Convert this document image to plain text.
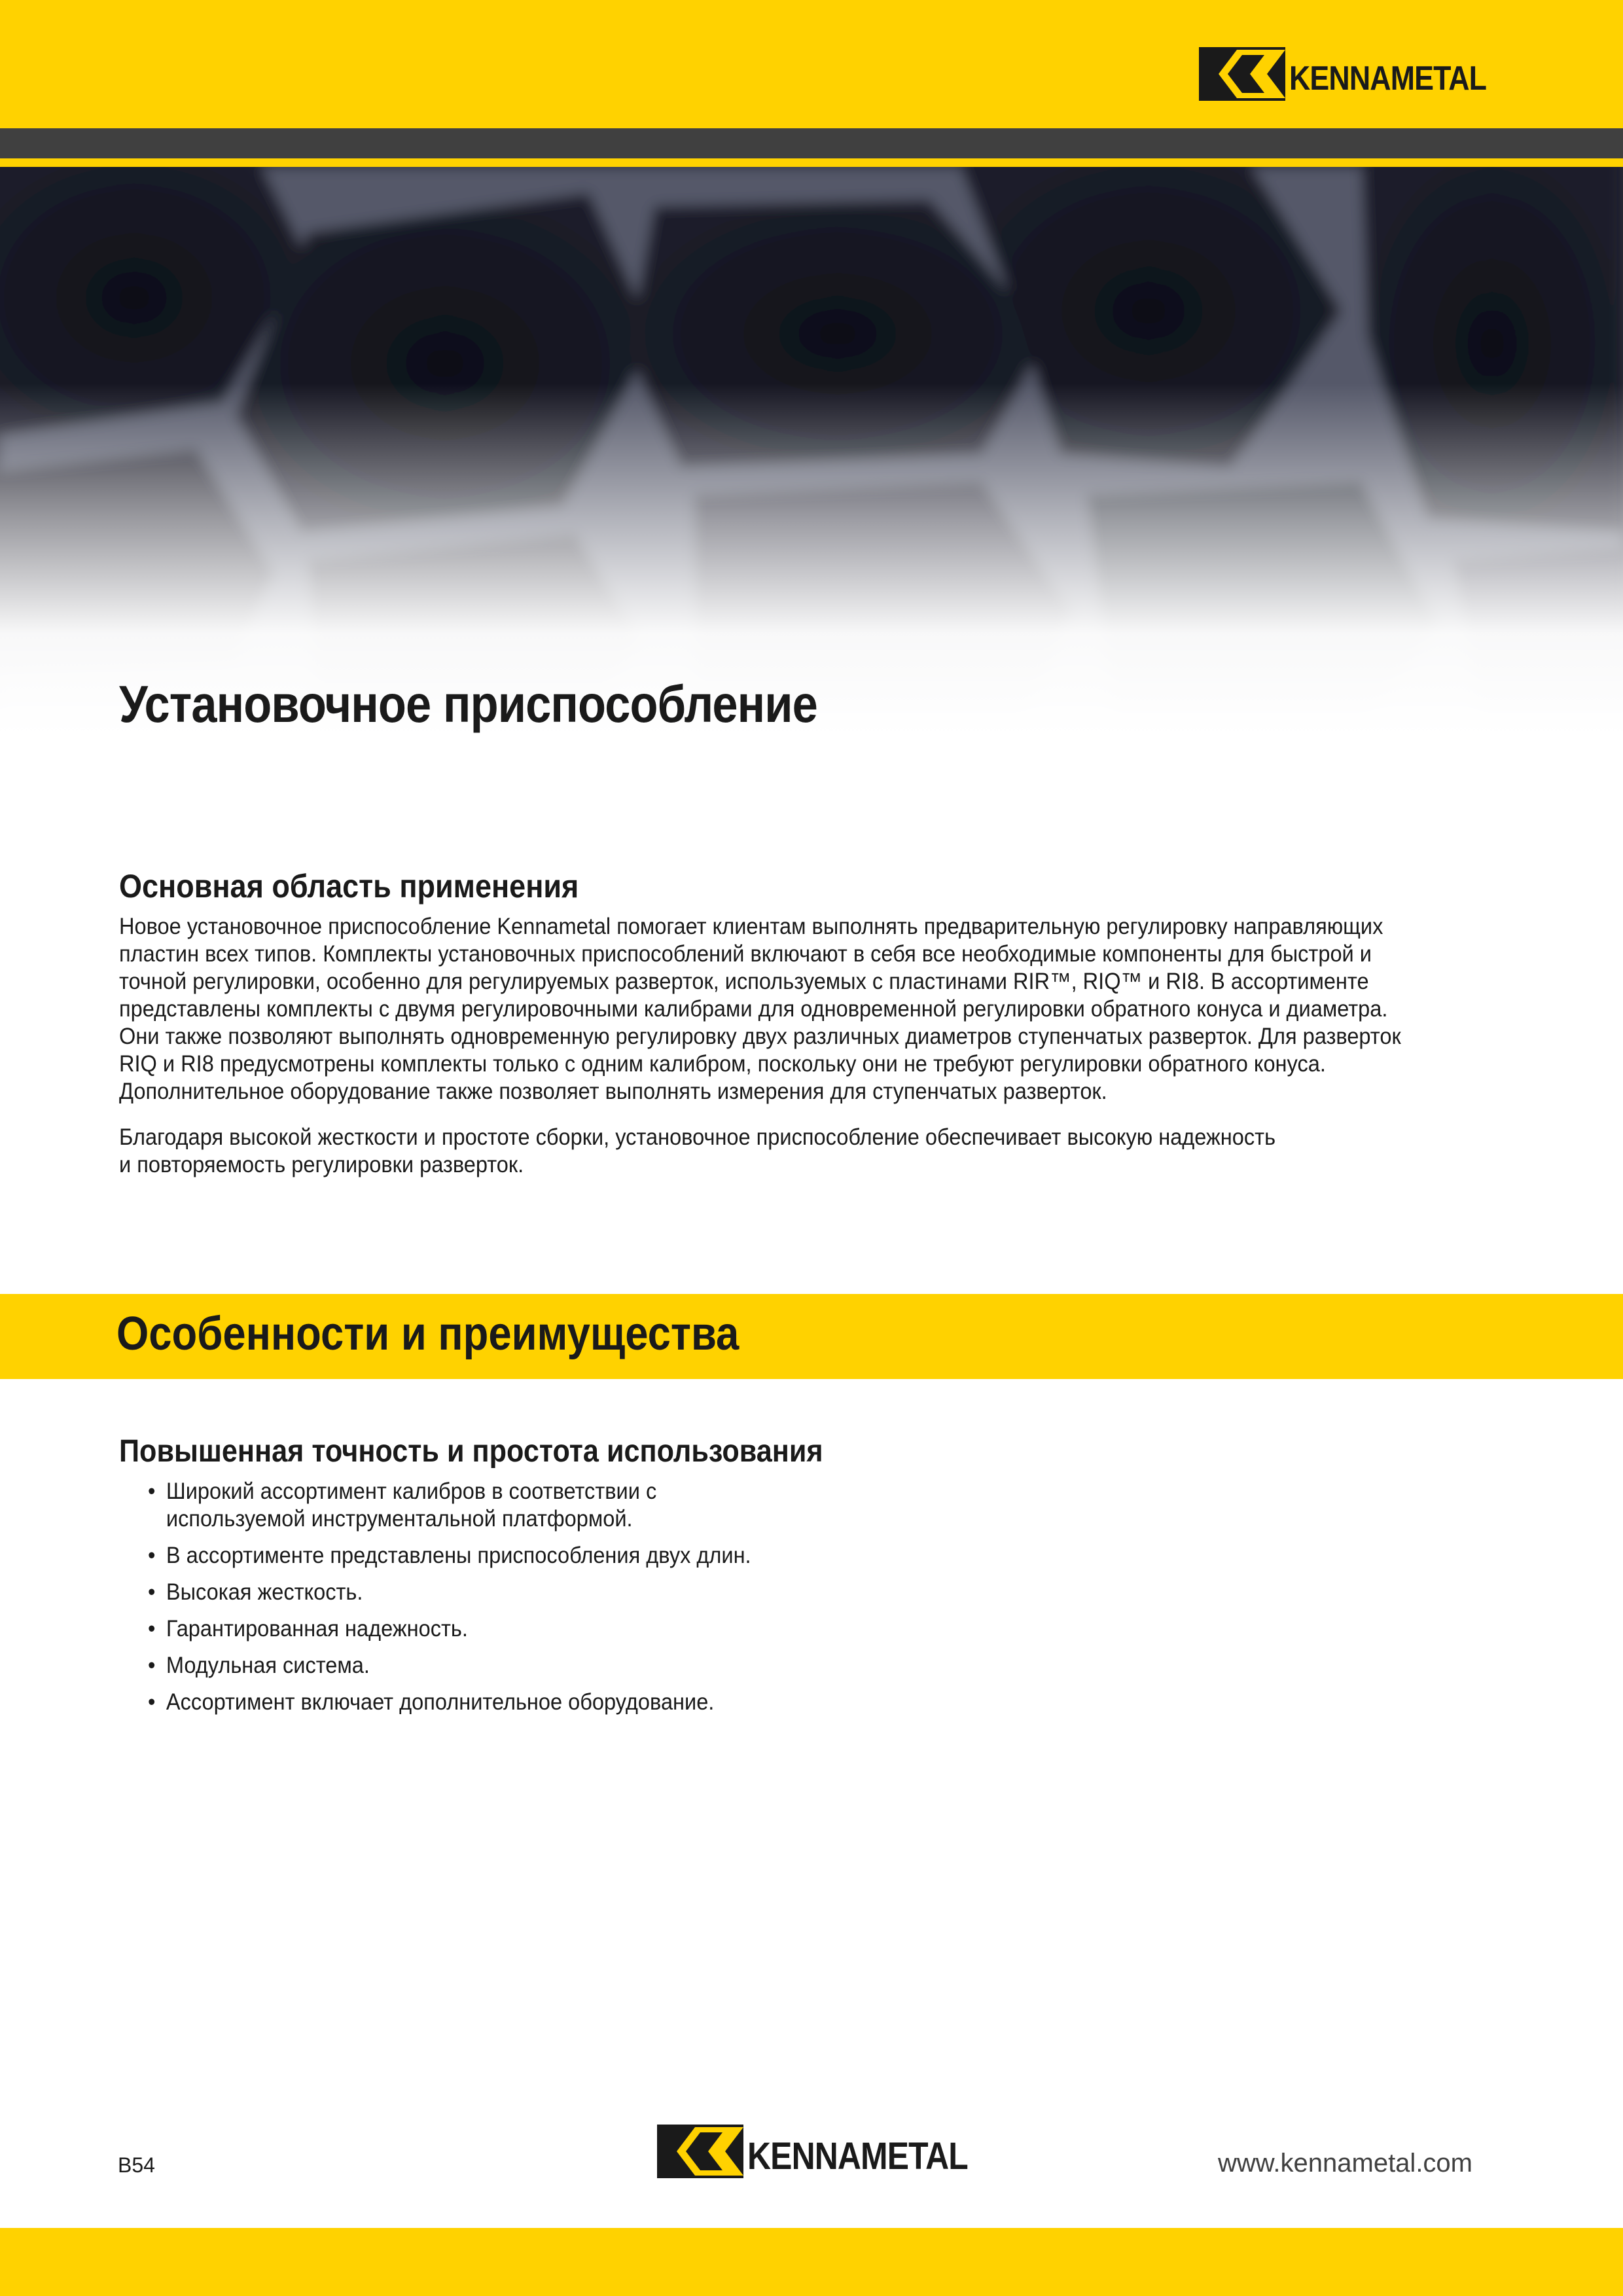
KENNAMETAL
Установочное приспособление
Основная область применения

Новое установочное приспособление Kennametal помогает клиентам выполнять предварительную регулировку направляющих
пластин всех типов. Комплекты установочных приспособлений включают в себя все необходимые компоненты для быстрой и
точной регулировки, особенно для регулируемых разверток, используемых с пластинами RIR™, RIQ™ и RI8. В ассортименте
представлены комплекты с двумя регулировочными калибрами для одновременной регулировки обратного конуса и диаметра.
Они также позволяют выполнять одновременную регулировку двух различных диаметров ступенчатых разверток. Для разверток
RIQ и RI8 предусмотрены комплекты только с одним калибром, поскольку они не требуют регулировки обратного конуса.
Дополнительное оборудование также позволяет выполнять измерения для ступенчатых разверток.

Благодаря высокой жесткости и простоте сборки, установочное приспособление обеспечивает высокую надежность
и повторяемость регулировки разверток.

Особенности и преимущества
Повышенная точность и простота использования
• Широкий ассортимент калибров в соответствии с
используемой инструментальной платформой.
• В ассортименте представлены приспособления двух длин.
• Высокая жесткость.
• Гарантированная надежность.
• Модульная система.
• Ассортимент включает дополнительное оборудование.
B54	KENNAMETAL	www.kennametal.com
